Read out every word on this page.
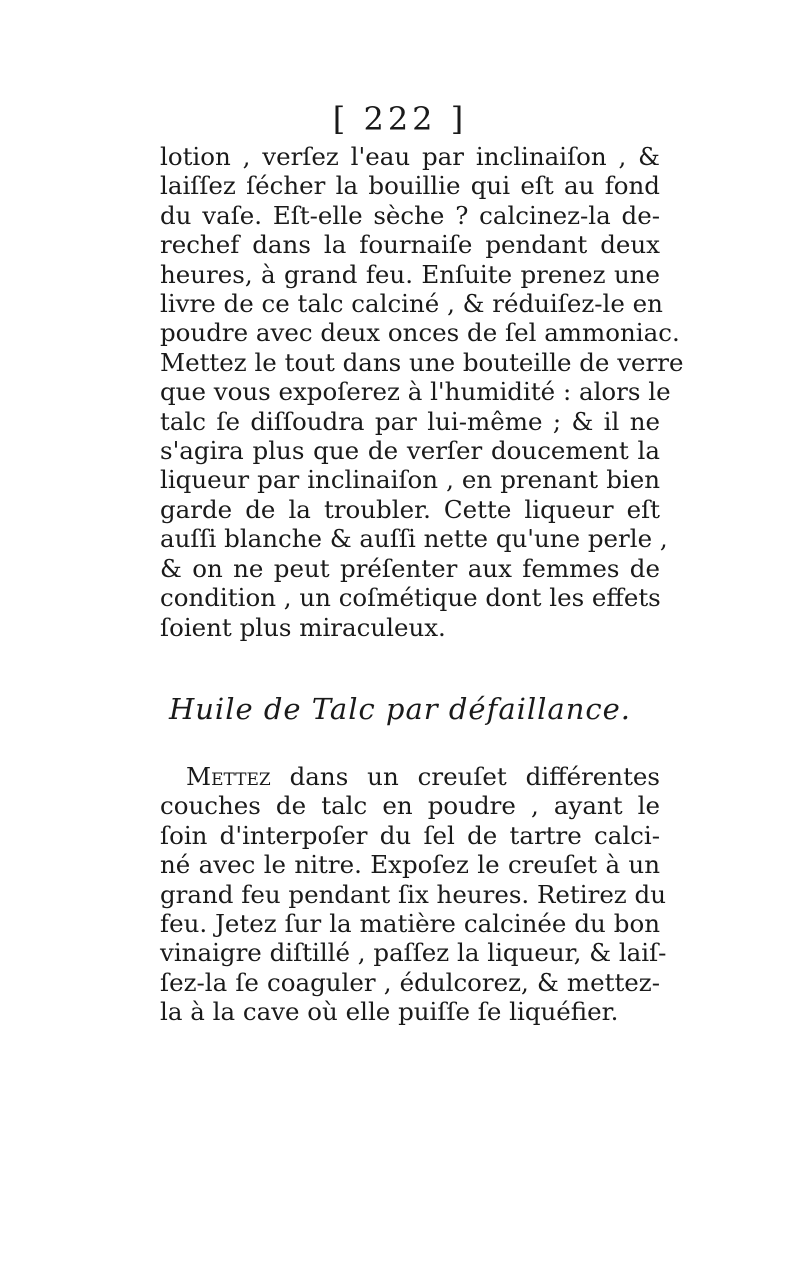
[ 222 ]
lotion , verſez l'eau par inclinaiſon , &
laiſſez ſécher la bouillie qui eſt au fond
du vaſe. Eſt-elle sèche ? calcinez-la de-
rechef dans la fournaiſe pendant deux
heures, à grand feu. Enſuite prenez une
livre de ce talc calciné , & réduiſez-le en
poudre avec deux onces de ſel ammoniac.
Mettez le tout dans une bouteille de verre
que vous expoſerez à l'humidité : alors le
talc ſe diſſoudra par lui-même ; & il ne
s'agira plus que de verſer doucement la
liqueur par inclinaiſon , en prenant bien
garde de la troubler. Cette liqueur eſt
auſſi blanche & auſſi nette qu'une perle ,
& on ne peut préſenter aux femmes de
condition , un coſmétique dont les effets
ſoient plus miraculeux.
Huile de Talc par défaillance.
Mettez dans un creuſet différentes
couches de talc en poudre , ayant le
ſoin d'interpoſer du ſel de tartre calci-
né avec le nitre. Expoſez le creuſet à un
grand feu pendant ſix heures. Retirez du
feu. Jetez ſur la matière calcinée du bon
vinaigre diſtillé , paſſez la liqueur, & laiſ-
ſez-la ſe coaguler , édulcorez, & mettez-
la à la cave où elle puiſſe ſe liquéfier.
